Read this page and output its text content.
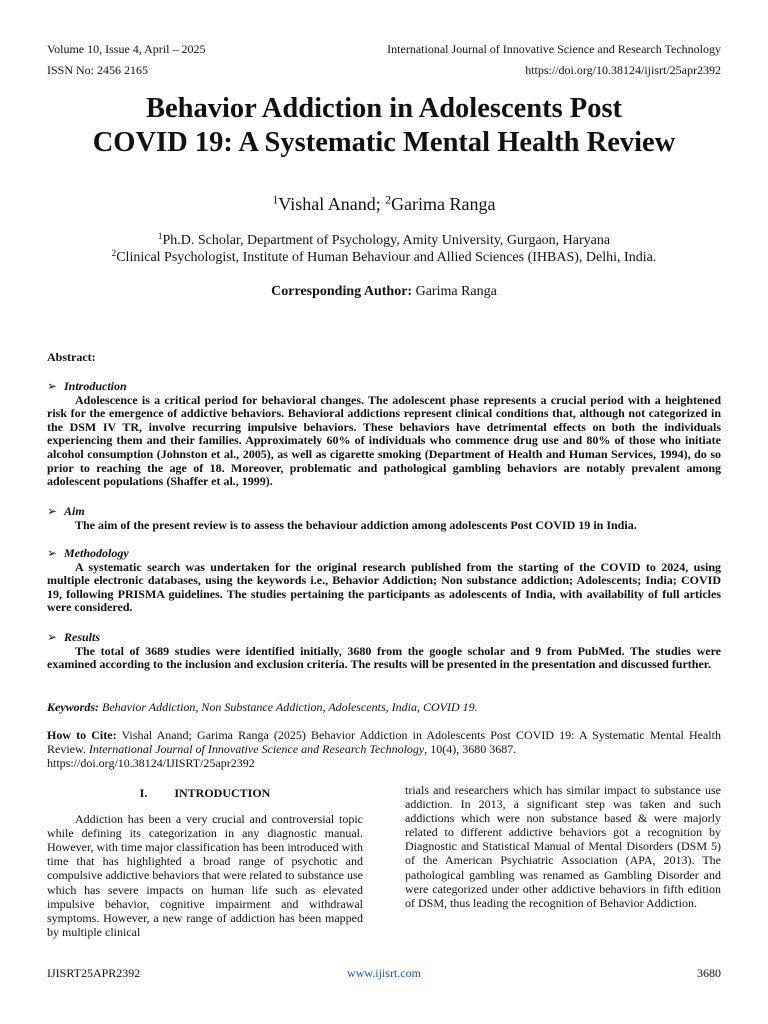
Volume 10, Issue 4, April – 2025
ISSN No: 2456 2165
International Journal of Innovative Science and Research Technology
https://doi.org/10.38124/ijisrt/25apr2392
Behavior Addiction in Adolescents Post
COVID 19: A Systematic Mental Health Review
$^1$Vishal Anand; $^2$Garima Ranga
$^1$Ph.D. Scholar, Department of Psychology, Amity University, Gurgaon, Haryana
$^2$Clinical Psychologist, Institute of Human Behaviour and Allied Sciences (IHBAS), Delhi, India.
Corresponding Author: Garima Ranga
Abstract:
➢ Introduction

Adolescence is a critical period for behavioral changes. The adolescent phase represents a crucial period with a heightened risk for the emergence of addictive behaviors. Behavioral addictions represent clinical conditions that, although not categorized in the DSM IV TR, involve recurring impulsive behaviors. These behaviors have detrimental effects on both the individuals experiencing them and their families. Approximately 60% of individuals who commence drug use and 80% of those who initiate alcohol consumption (Johnston et al., 2005), as well as cigarette smoking (Department of Health and Human Services, 1994), do so prior to reaching the age of 18. Moreover, problematic and pathological gambling behaviors are notably prevalent among adolescent populations (Shaffer et al., 1999).

➢ Aim

The aim of the present review is to assess the behaviour addiction among adolescents Post COVID 19 in India.

➢ Methodology

A systematic search was undertaken for the original research published from the starting of the COVID to 2024, using multiple electronic databases, using the keywords i.e., Behavior Addiction; Non substance addiction; Adolescents; India; COVID 19, following PRISMA guidelines. The studies pertaining the participants as adolescents of India, with availability of full articles were considered.

➢ Results

The total of 3689 studies were identified initially, 3680 from the google scholar and 9 from PubMed. The studies were examined according to the inclusion and exclusion criteria. The results will be presented in the presentation and discussed further.

Keywords: Behavior Addiction, Non Substance Addiction, Adolescents, India, COVID 19.
How to Cite: Vishal Anand; Garima Ranga (2025) Behavior Addiction in Adolescents Post COVID 19: A Systematic Mental Health Review. International Journal of Innovative Science and Research Technology, 10(4), 3680 3687.
https://doi.org/10.38124/IJISRT/25apr2392
I. INTRODUCTION

Addiction has been a very crucial and controversial topic while defining its categorization in any diagnostic manual. However, with time major classification has been introduced with time that has highlighted a broad range of psychotic and compulsive addictive behaviors that were related to substance use which has severe impacts on human life such as elevated impulsive behavior, cognitive impairment and withdrawal symptoms. However, a new range of addiction has been mapped by multiple clinical

trials and researchers which has similar impact to substance use addiction. In 2013, a significant step was taken and such addictions which were non substance based & were majorly related to different addictive behaviors got a recognition by Diagnostic and Statistical Manual of Mental Disorders (DSM 5) of the American Psychiatric Association (APA, 2013). The pathological gambling was renamed as Gambling Disorder and were categorized under other addictive behaviors in fifth edition of DSM, thus leading the recognition of Behavior Addiction.

IJISRT25APR2392	www.ijisrt.com	3680
